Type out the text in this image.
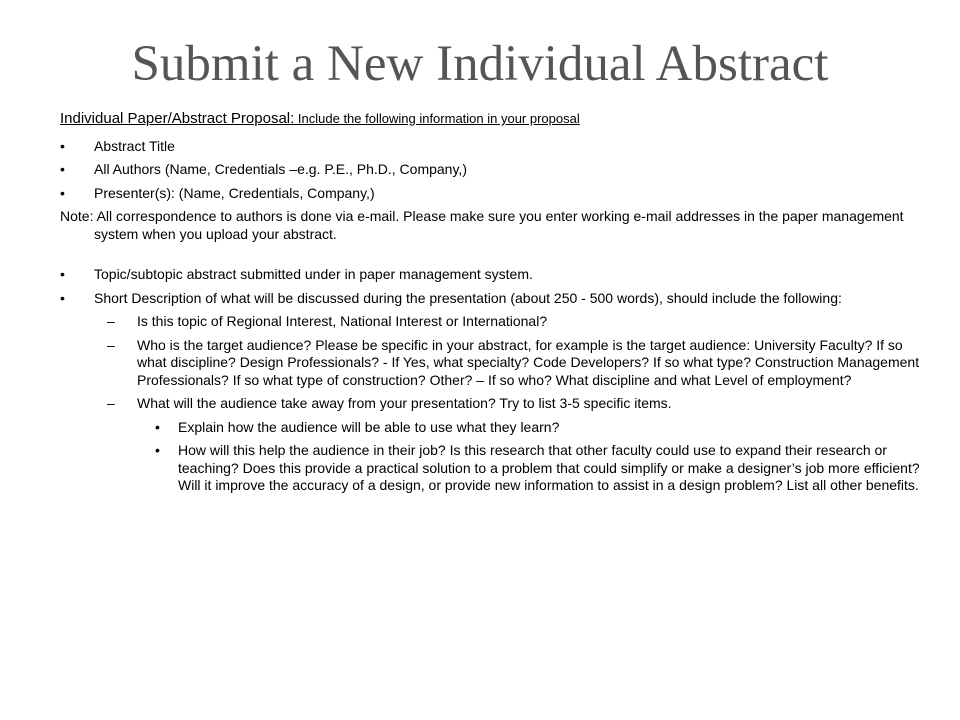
Submit a New Individual Abstract
Individual Paper/Abstract Proposal: Include the following information in your proposal
• Abstract Title
• All Authors (Name, Credentials –e.g. P.E., Ph.D., Company,)
• Presenter(s): (Name, Credentials, Company,)
Note: All correspondence to authors is done via e-mail. Please make sure you enter working e-mail addresses in the paper management system when you upload your abstract.
• Topic/subtopic abstract submitted under in paper management system.
• Short Description of what will be discussed during the presentation (about 250 - 500 words), should include the following:
– Is this topic of Regional Interest, National Interest or International?
– Who is the target audience? Please be specific in your abstract, for example is the target audience: University Faculty? If so what discipline? Design Professionals? - If Yes, what specialty? Code Developers? If so what type? Construction Management Professionals? If so what type of construction? Other? – If so who? What discipline and what Level of employment?
– What will the audience take away from your presentation? Try to list 3-5 specific items.
• Explain how the audience will be able to use what they learn?
• How will this help the audience in their job? Is this research that other faculty could use to expand their research or teaching? Does this provide a practical solution to a problem that could simplify or make a designer’s job more efficient? Will it improve the accuracy of a design, or provide new information to assist in a design problem? List all other benefits.
